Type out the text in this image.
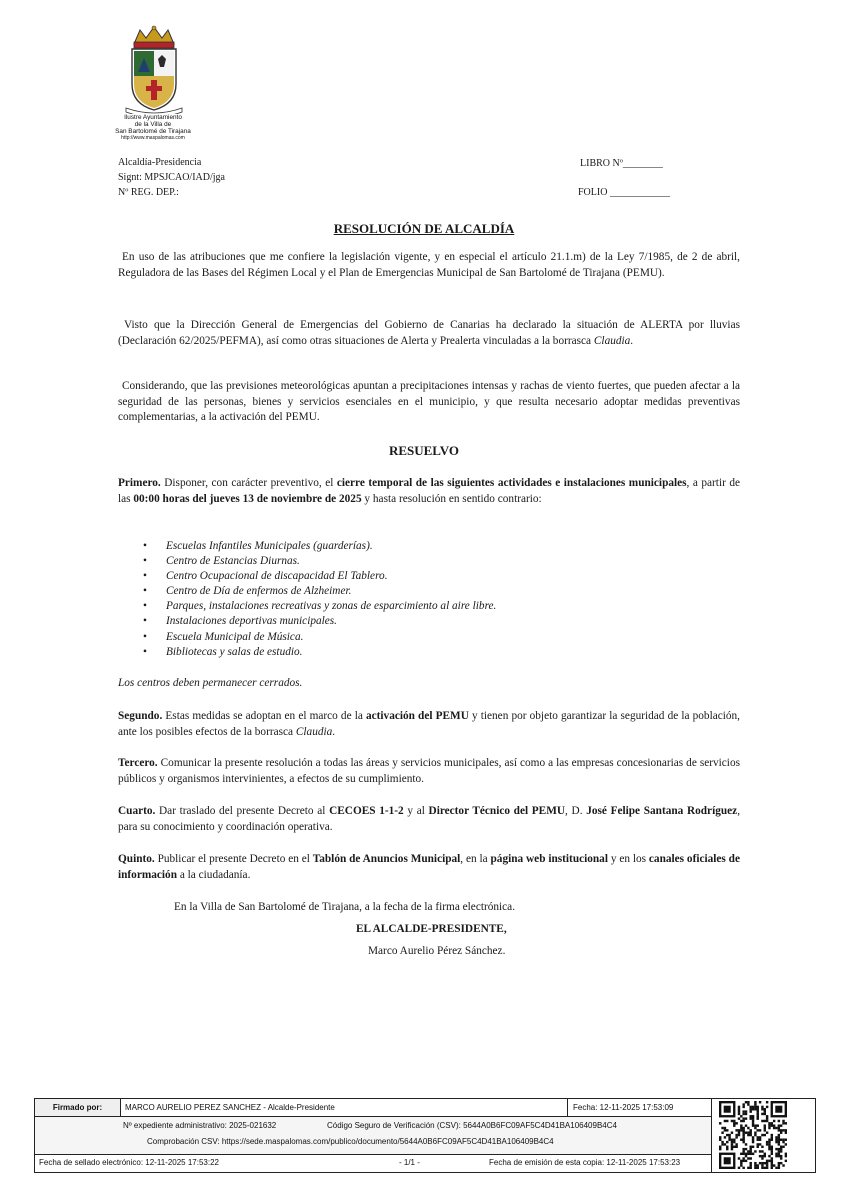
Ilustre Ayuntamiento
de la Villa de
San Bartolomé de Tirajana
http://www.maspalomas.com
Alcaldía-Presidencia
Signt: MPSJCAO/IAD/jga
Nº REG. DEP.:
LIBRO Nº________
FOLIO ____________
RESOLUCIÓN DE ALCALDÍA
En uso de las atribuciones que me confiere la legislación vigente, y en especial el artículo 21.1.m) de la Ley 7/1985, de 2 de abril, Reguladora de las Bases del Régimen Local y el Plan de Emergencias Municipal de San Bartolomé de Tirajana (PEMU).
Visto que la Dirección General de Emergencias del Gobierno de Canarias ha declarado la situación de ALERTA por lluvias (Declaración 62/2025/PEFMA), así como otras situaciones de Alerta y Prealerta vinculadas a la borrasca Claudia.
Considerando, que las previsiones meteorológicas apuntan a precipitaciones intensas y rachas de viento fuertes, que pueden afectar a la seguridad de las personas, bienes y servicios esenciales en el municipio, y que resulta necesario adoptar medidas preventivas complementarias, a la activación del PEMU.
RESUELVO
Primero. Disponer, con carácter preventivo, el cierre temporal de las siguientes actividades e instalaciones municipales, a partir de las 00:00 horas del jueves 13 de noviembre de 2025 y hasta resolución en sentido contrario:
• Escuelas Infantiles Municipales (guarderías).
• Centro de Estancias Diurnas.
• Centro Ocupacional de discapacidad El Tablero.
• Centro de Día de enfermos de Alzheimer.
• Parques, instalaciones recreativas y zonas de esparcimiento al aire libre.
• Instalaciones deportivas municipales.
• Escuela Municipal de Música.
• Bibliotecas y salas de estudio.
Los centros deben permanecer cerrados.
Segundo. Estas medidas se adoptan en el marco de la activación del PEMU y tienen por objeto garantizar la seguridad de la población, ante los posibles efectos de la borrasca Claudia.
Tercero. Comunicar la presente resolución a todas las áreas y servicios municipales, así como a las empresas concesionarias de servicios públicos y organismos intervinientes, a efectos de su cumplimiento.
Cuarto. Dar traslado del presente Decreto al CECOES 1-1-2 y al Director Técnico del PEMU, D. José Felipe Santana Rodríguez, para su conocimiento y coordinación operativa.
Quinto. Publicar el presente Decreto en el Tablón de Anuncios Municipal, en la página web institucional y en los canales oficiales de información a la ciudadanía.
En la Villa de San Bartolomé de Tirajana, a la fecha de la firma electrónica.
EL ALCALDE-PRESIDENTE,
Marco Aurelio Pérez Sánchez.
Firmado por:	MARCO AURELIO PEREZ SANCHEZ - Alcalde-Presidente	Fecha: 12-11-2025 17:53:09
Nº expediente administrativo: 2025-021632	Código Seguro de Verificación (CSV): 5644A0B6FC09AF5C4D41BA106409B4C4
Comprobación CSV: https://sede.maspalomas.com/publico/documento/5644A0B6FC09AF5C4D41BA106409B4C4
Fecha de sellado electrónico: 12-11-2025 17:53:22	- 1/1 -	Fecha de emisión de esta copia: 12-11-2025 17:53:23
